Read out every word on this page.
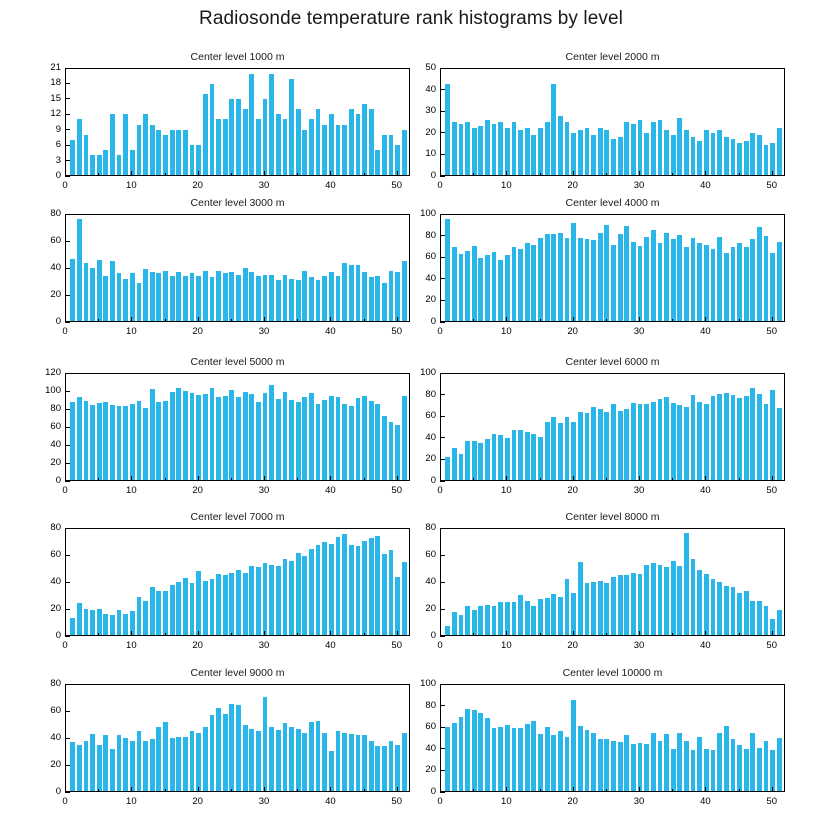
Radiosonde temperature rank histograms by level
Center level 1000 m
0
3
6
9
12
15
18
21
0	10	20	30	40	50
Center level 2000 m
0
10
20
30
40
50
0	10	20	30	40	50
Center level 3000 m
0
20
40
60
80
0	10	20	30	40	50
Center level 4000 m
0
20
40
60
80
100
0	10	20	30	40	50
Center level 5000 m
0
20
40
60
80
100
120
0	10	20	30	40	50
Center level 6000 m
0
20
40
60
80
100
0	10	20	30	40	50
Center level 7000 m
0
20
40
60
80
0	10	20	30	40	50
Center level 8000 m
0
20
40
60
80
0	10	20	30	40	50
Center level 9000 m
0
20
40
60
80
0	10	20	30	40	50
Center level 10000 m
0
20
40
60
80
100
0	10	20	30	40	50
